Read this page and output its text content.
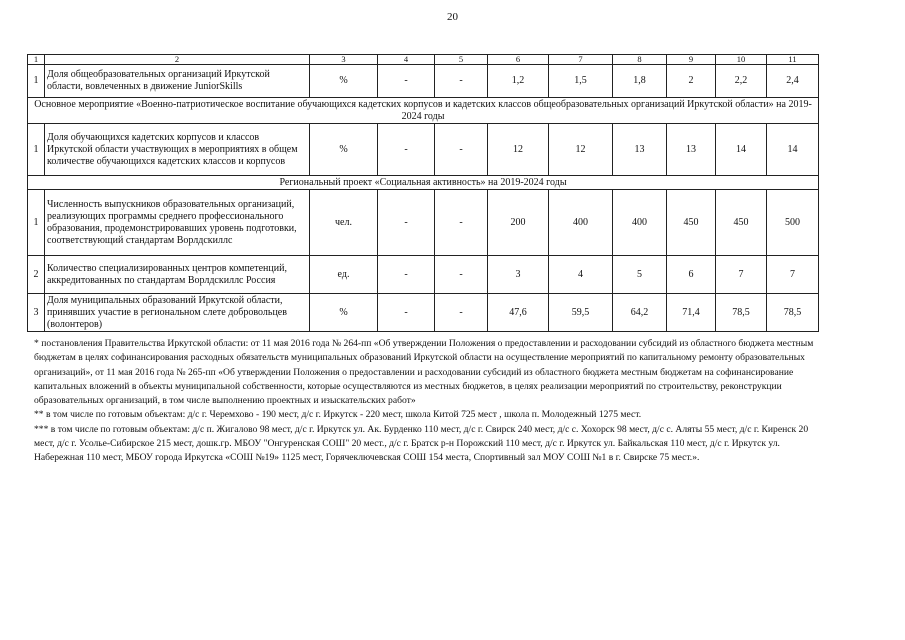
20
1	2	3	4	5	6	7	8	9	10	11
1	Доля общеобразовательных организаций Иркутской области, вовлеченных в движение JuniorSkills	%	-	-	1,2	1,5	1,8	2	2,2	2,4
Основное мероприятие «Военно-патриотическое воспитание обучающихся кадетских корпусов и кадетских классов общеобразовательных организаций Иркутской области» на 2019-2024 годы										
1	Доля обучающихся кадетских корпусов и классов Иркутской области участвующих в мероприятиях в общем количестве обучающихся кадетских классов и корпусов	%	-	-	12	12	13	13	14	14
Региональный проект «Социальная активность» на 2019-2024 годы										
1	Численность выпускников образовательных организаций, реализующих программы среднего профессионального образования, продемонстрировавших уровень подготовки, соответствующий стандартам Ворлдскиллс	чел.	-	-	200	400	400	450	450	500
2	Количество специализированных центров компетенций, аккредитованных по стандартам Ворлдскиллс Россия	ед.	-	-	3	4	5	6	7	7
3	Доля муниципальных образований Иркутской области, принявших участие в региональном слете добровольцев (волонтеров)	%	-	-	47,6	59,5	64,2	71,4	78,5	78,5

* постановления Правительства Иркутской области: от 11 мая 2016 года № 264-пп «Об утверждении Положения о предоставлении и расходовании субсидий из областного бюджета местным бюджетам в целях софинансирования расходных обязательств муниципальных образований Иркутской области на осуществление мероприятий по капитальному ремонту образовательных организаций», от 11 мая 2016 года № 265-пп «Об утверждении Положения о предоставлении и расходовании субсидий из областного бюджета местным бюджетам на софинансирование капитальных вложений в объекты муниципальной собственности, которые осуществляются из местных бюджетов, в целях реализации мероприятий по строительству, реконструкции образовательных организаций, в том числе выполнению проектных и изыскательских работ»

** в том числе по готовым объектам: д/с г. Черемхово - 190 мест, д/с г. Иркутск - 220 мест, школа Китой 725 мест , школа п. Молодежный 1275 мест.

*** в том числе по готовым объектам: д/с п. Жигалово 98 мест, д/с г. Иркутск ул. Ак. Бурденко 110 мест, д/с г. Свирск 240 мест, д/с с. Хохорск 98 мест, д/с с. Аляты 55 мест, д/с г. Киренск 20 мест, д/с г. Усолье-Сибирское 215 мест, дошк.гр. МБОУ "Онгуренская СОШ" 20 мест., д/с г. Братск р-н Порожский 110 мест, д/с г. Иркутск ул. Байкальская 110 мест, д/с г. Иркутск ул. Набережная 110 мест, МБОУ города Иркутска «СОШ №19» 1125 мест, Горячеключевская СОШ 154 места, Спортивный зал МОУ СОШ №1 в г. Свирске 75 мест.».
